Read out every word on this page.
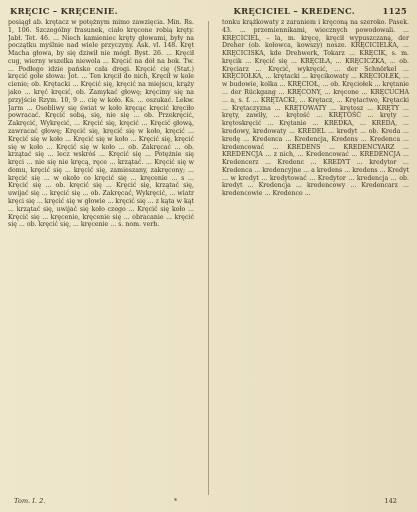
KRĘCIC – KRĘCENIE.	KRĘCICIEL – KREDENC.	1125

posiągł ab. krętacz w potężnym mimo zawzięcia. Min. Rs. 1, 106. Szczególny frasunek, ciało kręcone robią kręty. Jabł. Tet. 46. ... Niech kamieniec kręty głowami, były na początku myślnie nad wiele przyczyny. Ask. vl. 148. Kręt Macha głowa, by się dziwił nie mógł. Byst. 26. ... Kręcił cug, wierny wszelka niewola ... Kręcić na dół na bok. Tw. ... Podłego idzie pańsko cała drogi. Kręcić cię (Stat.) kręcić gołe słowa: Jot. ... Ten kręcił do nich, Kręcił w kole cienie; ob. Krętacki ... Kręcić się, kręcić na miejscu, krąży jako ... kręć kręcić, ob. Zamykać głowę; kręcimy się na przyjście Rzym. 10, 9 ... cię w koło. Ks. ... oszukać. Lekw. Jarm ... Osobliwy się świat w koło kręcąc kręcić kręciło powracać. Kręcić sobą, się, nie się ... ob. Przekręcić, Zakręcić, Wykręcić, ... Kręcić się, kręcić ... Kręcić głową, zawracać głowę; Kręcić się, kręcić się w koło, kręcić ... Kręcić się w koło ... Kręcić się w koło ... Kręcić się, kręcić się w koło ... Kręcić się w koło ... ob. Zakręcać ... ob. krzątać się ... lecz wskróś ... Kręcić się ... Potężnie się kręci ... nie się nie kręcą, ręce ... krzątać. ... Kręcić się w domu, kręcić się ... kręcić się, zamieszany, zakręcony; ... kręcić się ... w około co kręcić się ... kręcenie ... s ... Kręcić się ... ob. kręcić się ... Kręcić się, krzątać się, uwijać się ... kręcić się ... ob. Zakręcać, Wykręcić, ... wiatr kręci się ... kręcić się w głowie ... kręcić się ... z kąta w kąt ... krzątać się, uwijać się koło czego ... Kręcić się koło ... Kręcić się ... kręcenie, kręcenie się ... obracanie ... kręcić się ... ob. kręcić się, ... kręcenie ... s. nom. verb.

tonku krążkowaty z zaraniem i kręconą na szeroko. Pasek. 43. ... przemiennikami, wiecznych powodowali. ... KRĘCICIEL, – la, m. kręcę, kręcił wypuszczaną, der Dreher (ob. kołowca, kowszy) nosze. KRĘCICIELKA, ... KRĘCICISKA, kde Drehwerk, Tokarz ... KRĘCIK, s. m. kręcik ... Kręcić się ... KRĘCIŁA, ... KRĘCICZKA, ... ob. Kręciarz ... Kręcić, wykręcić, ... der Schnörkel ... KRĘCIOŁKA, ... krętacki ... kręcikowaty ... KRĘCIOŁEK, ... w budowie, kolka ... KRĘCIOŁ, ... ob. Kręciołek ... krętanie ... der Rückgang ... KRĘCONY, ... kręcone ... KRĘCUCHA ... a, s. f. ... KRĘTACKI, ... Krętacz, ... Krętactwo, Krętacki ... Krętaczyzna ... KRĘTOWATY ... krętosz ... KRĘTY ... kręty, zawiły, ... krętość ... KRĘTOŚĆ ... kręty ... krętoskręcić ... Krętanie ... KREDKA, ... KREDA, ... kredowy, kredowaty ... KREDEL ... kredyt ... ob. Kreda ... kredę ... Kredenca ... Kredencja, Kredens ... Kredenca ... kredencować ... KREDENS ... KREDENCYARZ ... KREDENCJA ... z nich, ... Kredencować ... KREDENCJA ... Kredencerz ... Kredenc ... KREDYT ... kredytor ... Kredenca ... kredencyjne ... a kredens ... kredens ... Kredyt ... w kredyt ... kredytować ... Kredytor ... kredencja ... ob. kredyt ... Kredencja ... kredencowy ... Kredencarz ... kredencowie ... Kredence ...

Tom. I. 2.	*	142
